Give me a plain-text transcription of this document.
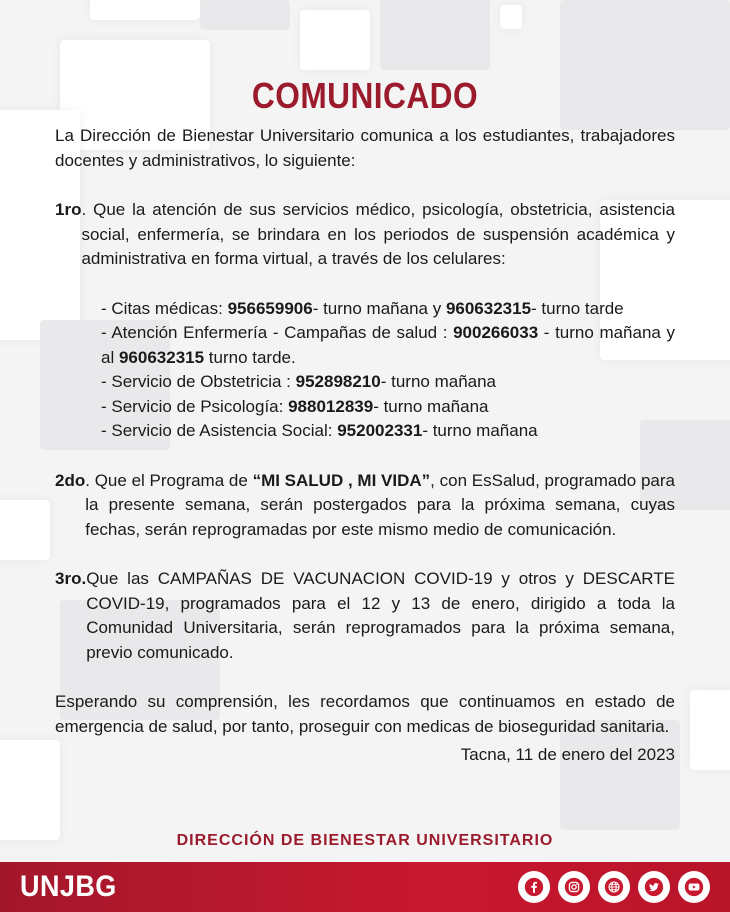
COMUNICADO

La Dirección de Bienestar Universitario comunica a los estudiantes, trabajadores docentes y administrativos, lo siguiente:

1ro . Que la atención de sus servicios médico, psicología, obstetricia, asistencia social, enfermería, se brindara en los periodos de suspensión académica y administrativa en forma virtual, a través de los celulares:
- Citas médicas: 956659906- turno mañana y 960632315- turno tarde
- Atención Enfermería - Campañas de salud : 900266033 - turno mañana y al 960632315 turno tarde.
- Servicio de Obstetricia : 952898210- turno mañana
- Servicio de Psicología: 988012839- turno mañana
- Servicio de Asistencia Social: 952002331- turno mañana
2do . Que el Programa de “MI SALUD , MI VIDA”, con EsSalud, programado para la presente semana, serán postergados para la próxima semana, cuyas fechas, serán reprogramadas por este mismo medio de comunicación.
3ro. Que las CAMPAÑAS DE VACUNACION COVID-19 y otros y DESCARTE COVID-19, programados para el 12 y 13 de enero, dirigido a toda la Comunidad Universitaria, serán reprogramados para la próxima semana, previo comunicado.

Esperando su comprensión, les recordamos que continuamos en estado de emergencia de salud, por tanto, proseguir con medicas de bioseguridad sanitaria.

Tacna, 11 de enero del 2023

DIRECCIÓN DE BIENESTAR UNIVERSITARIO
UNJBG
